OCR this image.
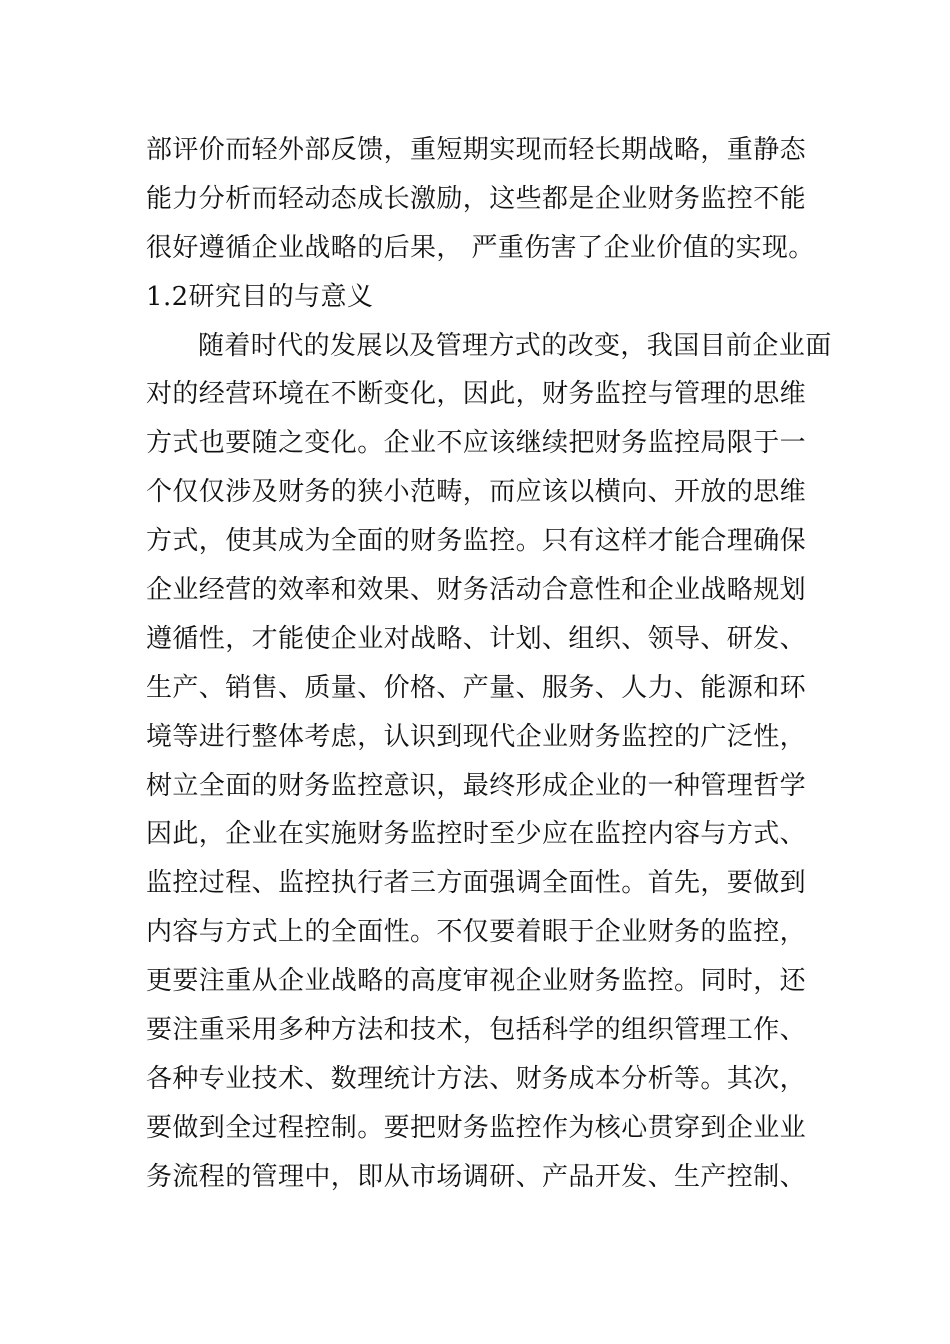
部评价而轻外部反馈，重短期实现而轻长期战略，重静态
能力分析而轻动态成长激励，这些都是企业财务监控不能
很好遵循企业战略的后果， 严重伤害了企业价值的实现。
1.2研究目的与意义
随着时代的发展以及管理方式的改变，我国目前企业面
对的经营环境在不断变化，因此，财务监控与管理的思维
方式也要随之变化。企业不应该继续把财务监控局限于一
个仅仅涉及财务的狭小范畴，而应该以横向、开放的思维
方式，使其成为全面的财务监控。只有这样才能合理确保
企业经营的效率和效果、财务活动合意性和企业战略规划
遵循性，才能使企业对战略、计划、组织、领导、研发、
生产、销售、质量、价格、产量、服务、人力、能源和环
境等进行整体考虑，认识到现代企业财务监控的广泛性，
树立全面的财务监控意识，最终形成企业的一种管理哲学
因此，企业在实施财务监控时至少应在监控内容与方式、
监控过程、监控执行者三方面强调全面性。首先，要做到
内容与方式上的全面性。不仅要着眼于企业财务的监控，
更要注重从企业战略的高度审视企业财务监控。同时，还
要注重采用多种方法和技术，包括科学的组织管理工作、
各种专业技术、数理统计方法、财务成本分析等。其次，
要做到全过程控制。要把财务监控作为核心贯穿到企业业
务流程的管理中，即从市场调研、产品开发、生产控制、
